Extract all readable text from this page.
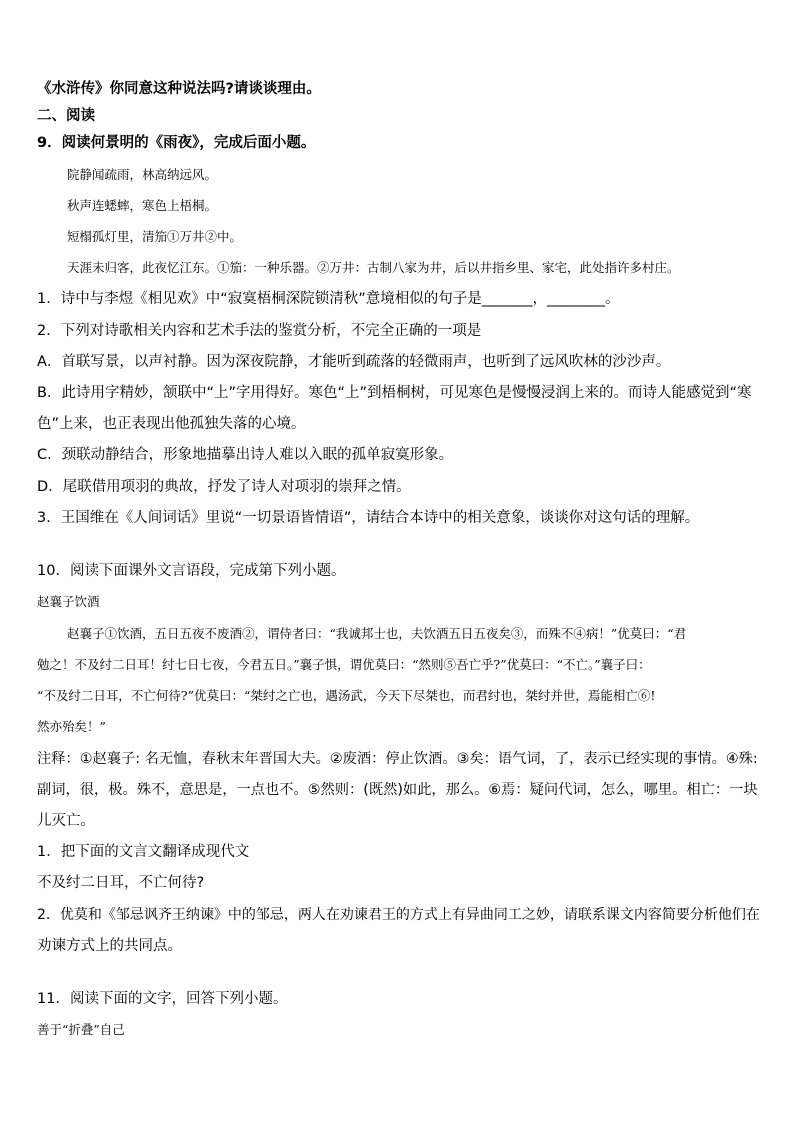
《水浒传》你同意这种说法吗?请谈谈理由。
二、阅读
9．阅读何景明的《雨夜》，完成后面小题。
院静闻疏雨，林高纳远风。
秋声连蟋蟀，寒色上梧桐。
短榻孤灯里，清笳①万井②中。
天涯未归客，此夜忆江东。①笳：一种乐器。②万井：古制八家为井，后以井指乡里、家宅，此处指许多村庄。
1．诗中与李煜《相见欢》中“寂寞梧桐深院锁清秋”意境相似的句子是_______，________。
2．下列对诗歌相关内容和艺术手法的鉴赏分析，不完全正确的一项是
A．首联写景，以声衬静。因为深夜院静，才能听到疏落的轻微雨声，也听到了远风吹林的沙沙声。
B．此诗用字精妙，颔联中“上”字用得好。寒色“上”到梧桐树，可见寒色是慢慢浸润上来的。而诗人能感觉到“寒
色”上来，也正表现出他孤独失落的心境。
C．颈联动静结合，形象地描摹出诗人难以入眠的孤单寂寞形象。
D．尾联借用项羽的典故，抒发了诗人对项羽的崇拜之情。
3．王国维在《人间词话》里说“一切景语皆情语”，请结合本诗中的相关意象，谈谈你对这句话的理解。
10．阅读下面课外文言语段，完成第下列小题。
赵襄子饮酒
赵襄子①饮酒，五日五夜不废酒②，谓侍者曰：“我诚邦士也，夫饮酒五日五夜矣③，而殊不④病！”优莫曰：“君
勉之！不及纣二日耳！纣七日七夜，今君五日。”襄子惧，谓优莫曰：“然则⑤吾亡乎?”优莫曰：“不亡。”襄子曰：
“不及纣二日耳，不亡何待?”优莫曰：“桀纣之亡也，遇汤武，今天下尽桀也，而君纣也，桀纣并世，焉能相亡⑥!
然亦殆矣！”
注释：①赵襄子: 名无恤，春秋末年晋国大夫。②废酒：停止饮酒。③矣：语气词，了，表示已经实现的事情。④殊:
副词，很，极。殊不，意思是，一点也不。⑤然则：(既然)如此，那么。⑥焉：疑问代词，怎么，哪里。相亡：一块
儿灭亡。
1．把下面的文言文翻译成现代文
不及纣二日耳，不亡何待?
2．优莫和《邹忌讽齐王纳谏》中的邹忌，两人在劝谏君王的方式上有异曲同工之妙，请联系课文内容简要分析他们在
劝谏方式上的共同点。
11．阅读下面的文字，回答下列小题。
善于“折叠”自己
